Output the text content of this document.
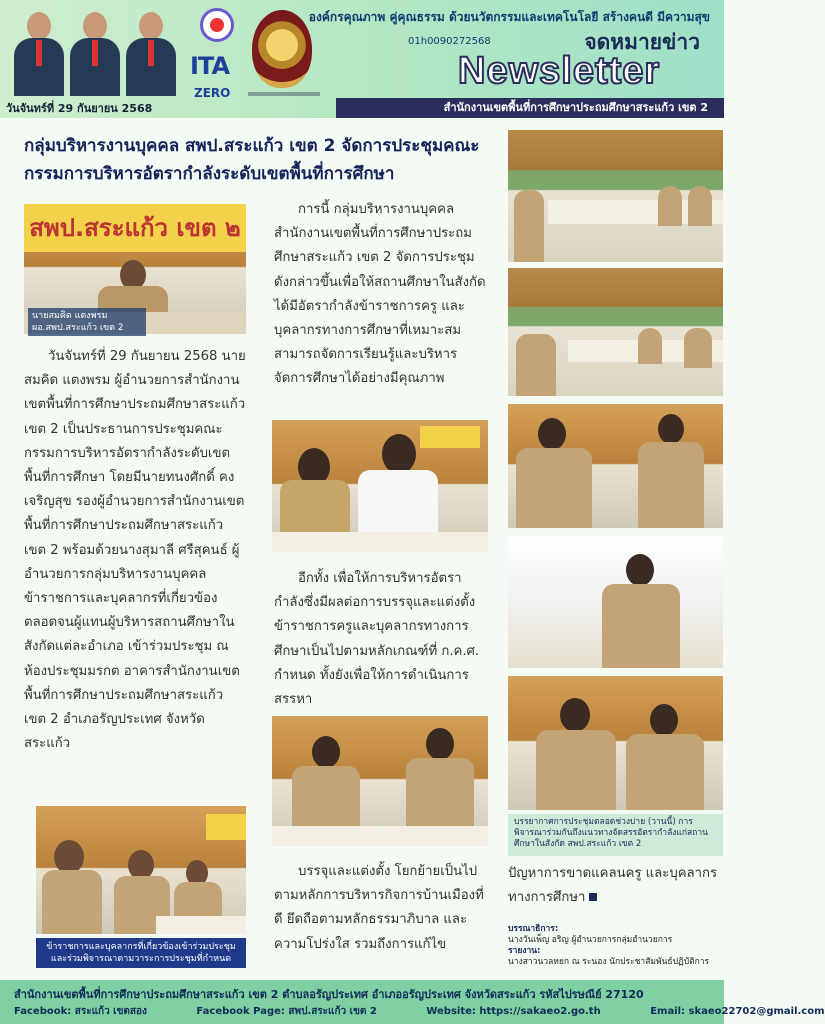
วันจันทร์ที่ 29 กันยายน 2568
ITA
ZERO
องค์กรคุณภาพ คู่คุณธรรม ด้วยนวัตกรรมและเทคโนโลยี สร้างคนดี มีความสุข
01h0090272568	จดหมายข่าว
Newsletter
สำนักงานเขตพื้นที่การศึกษาประถมศึกษาสระแก้ว เขต 2
กลุ่มบริหารงานบุคคล สพป.สระแก้ว เขต 2 จัดการประชุมคณะกรรมการบริหารอัตรากำลังระดับเขตพื้นที่การศึกษา
สพป.สระแก้ว เขต ๒
นายสมคิด แตงพรม ผอ.สพป.สระแก้ว เขต 2
วันจันทร์ที่ 29 กันยายน 2568 นายสมคิด แตงพรม ผู้อำนวยการสำนักงานเขตพื้นที่การศึกษาประถมศึกษาสระแก้ว เขต 2 เป็นประธานการประชุมคณะกรรมการบริหารอัตรากำลังระดับเขตพื้นที่การศึกษา โดยมีนายทนงศักดิ์ คงเจริญสุข รองผู้อำนวยการสำนักงานเขตพื้นที่การศึกษาประถมศึกษาสระแก้ว เขต 2 พร้อมด้วยนางสุมาลี ศรีสุคนธ์ ผู้อำนวยการกลุ่มบริหารงานบุคคล ข้าราชการและบุคลากรที่เกี่ยวข้อง ตลอดจนผู้แทนผู้บริหารสถานศึกษาในสังกัดแต่ละอำเภอ เข้าร่วมประชุม ณ ห้องประชุมมรกต อาคารสำนักงานเขตพื้นที่การศึกษาประถมศึกษาสระแก้ว เขต 2 อำเภอรัญประเทศ จังหวัดสระแก้ว
ข้าราชการและบุคลากรที่เกี่ยวข้องเข้าร่วมประชุมและร่วมพิจารณาตามวาระการประชุมที่กำหนด
การนี้ กลุ่มบริหารงานบุคคล สำนักงานเขตพื้นที่การศึกษาประถมศึกษาสระแก้ว เขต 2 จัดการประชุมดังกล่าวขึ้นเพื่อให้สถานศึกษาในสังกัดได้มีอัตรากำลังข้าราชการครู และบุคลากรทางการศึกษาที่เหมาะสม สามารถจัดการเรียนรู้และบริหารจัดการศึกษาได้อย่างมีคุณภาพ
อีกทั้ง เพื่อให้การบริหารอัตรากำลังซึ่งมีผลต่อการบรรจุและแต่งตั้งข้าราชการครูและบุคลากรทางการศึกษาเป็นไปตามหลักเกณฑ์ที่ ก.ค.ศ. กำหนด ทั้งยังเพื่อให้การดำเนินการสรรหา
บรรจุและแต่งตั้ง โยกย้ายเป็นไปตามหลักการบริหารกิจการบ้านเมืองที่ดี ยึดถือตามหลักธรรมาภิบาล และความโปร่งใส รวมถึงการแก้ไข
บรรยากาศการประชุมตลอดช่วงบ่าย (วานนี้) การพิจารณาร่วมกันถึงแนวทางจัดสรรอัตรากำลังแก่สถานศึกษาในสังกัด สพป.สระแก้ว เขต 2
ปัญหาการขาดแคลนครู และบุคลากรทางการศึกษา
บรรณาธิการ:
นางวันเพ็ญ อริญ ผู้อำนวยการกลุ่มอำนวยการ
รายงาน:
นางสาวนวลหยก ณ ระนอง นักประชาสัมพันธ์ปฏิบัติการ
สำนักงานเขตพื้นที่การศึกษาประถมศึกษาสระแก้ว เขต 2 ตำบลอรัญประเทศ อำเภออรัญประเทศ จังหวัดสระแก้ว รหัสไปรษณีย์ 27120
Facebook: สระแก้ว เขตสอง	Facebook Page: สพป.สระแก้ว เขต 2	Website: https://sakaeo2.go.th	Email: skaeo22702@gmail.com
